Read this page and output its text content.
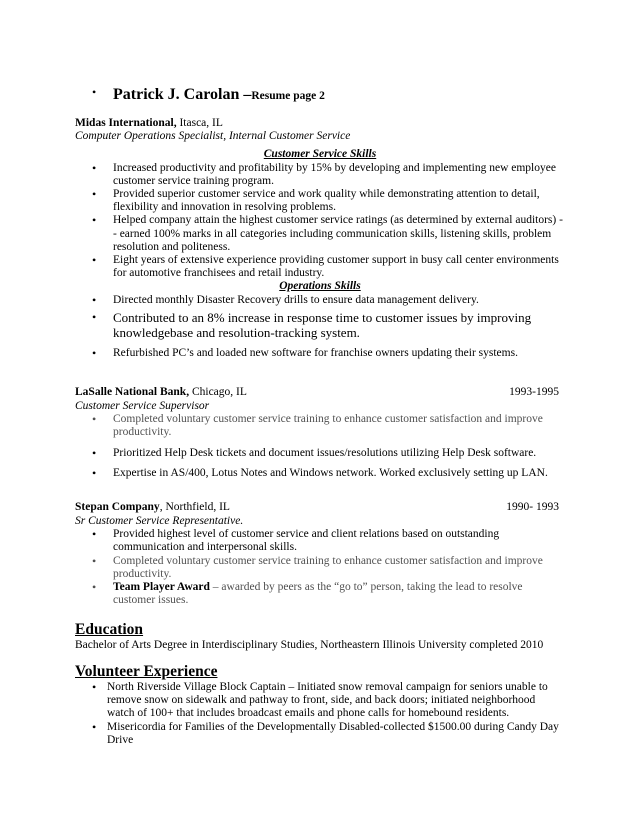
• Patrick J. Carolan –Resume page 2
Midas International, Itasca, IL
Computer Operations Specialist, Internal Customer Service
Customer Service Skills
• Increased productivity and profitability by 15% by developing and implementing new employee customer service training program.
• Provided superior customer service and work quality while demonstrating attention to detail, flexibility and innovation in resolving problems.
• Helped company attain the highest customer service ratings (as determined by external auditors) -- earned 100% marks in all categories including communication skills, listening skills, problem resolution and politeness.
• Eight years of extensive experience providing customer support in busy call center environments for automotive franchisees and retail industry.
Operations Skills
• Directed monthly Disaster Recovery drills to ensure data management delivery.
• Contributed to an 8% increase in response time to customer issues by improving knowledgebase and resolution-tracking system.
• Refurbished PC’s and loaded new software for franchise owners updating their systems.
LaSalle National Bank, Chicago, IL	1993-1995
Customer Service Supervisor
• Completed voluntary customer service training to enhance customer satisfaction and improve productivity.
• Prioritized Help Desk tickets and document issues/resolutions utilizing Help Desk software.
• Expertise in AS/400, Lotus Notes and Windows network. Worked exclusively setting up LAN.
Stepan Company, Northfield, IL	1990- 1993
Sr Customer Service Representative.
• Provided highest level of customer service and client relations based on outstanding communication and interpersonal skills.
• Completed voluntary customer service training to enhance customer satisfaction and improve productivity.
• Team Player Award – awarded by peers as the “go to” person, taking the lead to resolve customer issues.
Education
Bachelor of Arts Degree in Interdisciplinary Studies, Northeastern Illinois University completed 2010
Volunteer Experience
• North Riverside Village Block Captain – Initiated snow removal campaign for seniors unable to remove snow on sidewalk and pathway to front, side, and back doors; initiated neighborhood watch of 100+ that includes broadcast emails and phone calls for homebound residents.
• Misericordia for Families of the Developmentally Disabled-collected $1500.00 during Candy Day Drive
